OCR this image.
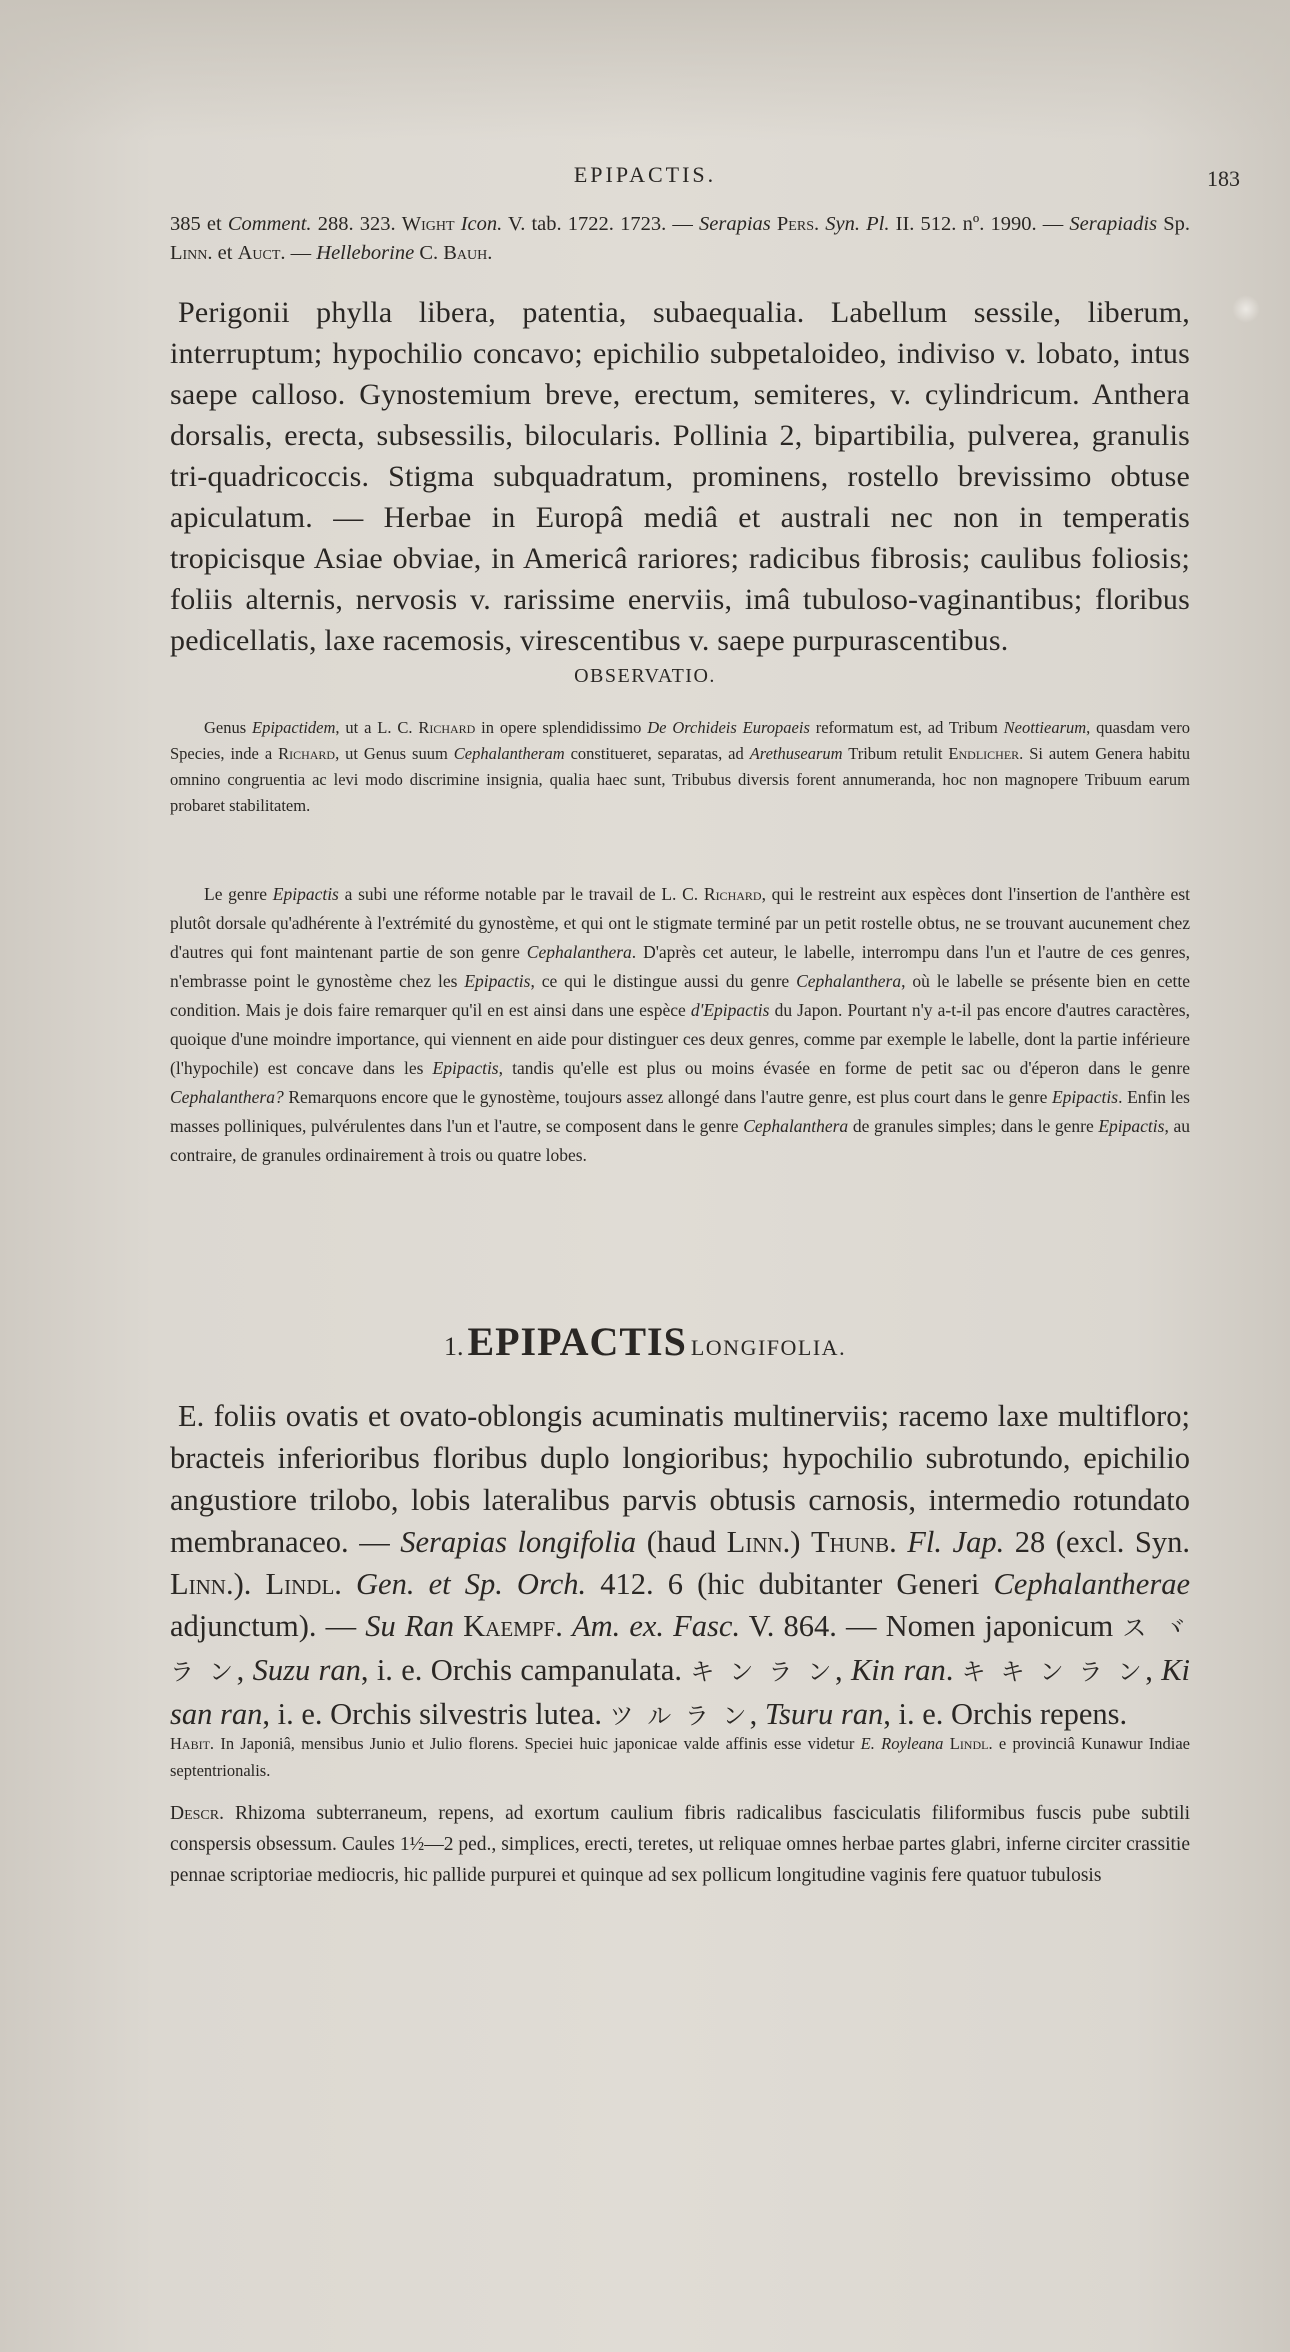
EPIPACTIS.	183
385 et Comment. 288. 323. Wight Icon. V. tab. 1722. 1723. — Serapias Pers. Syn. Pl. II. 512. nº. 1990. — Serapiadis Sp. Linn. et Auct. — Helleborine C. Bauh.
Perigonii phylla libera, patentia, subaequalia. Labellum sessile, liberum, interruptum; hypochilio concavo; epichilio subpetaloideo, indiviso v. lobato, intus saepe calloso. Gynostemium breve, erectum, semiteres, v. cylindricum. Anthera dorsalis, erecta, subsessilis, bilocularis. Pollinia 2, bipartibilia, pulverea, granulis tri-quadricoccis. Stigma subquadratum, prominens, rostello brevissimo obtuse apiculatum. — Herbae in Europâ mediâ et australi nec non in temperatis tropicisque Asiae obviae, in Americâ rariores; radicibus fibrosis; caulibus foliosis; foliis alternis, nervosis v. rarissime enerviis, imâ tubuloso-vaginantibus; floribus pedicellatis, laxe racemosis, virescentibus v. saepe purpurascentibus.
OBSERVATIO.
Genus Epipactidem, ut a L. C. Richard in opere splendidissimo De Orchideis Europaeis reformatum est, ad Tribum Neottiearum, quasdam vero Species, inde a Richard, ut Genus suum Cephalantheram constitueret, separatas, ad Arethusearum Tribum retulit Endlicher. Si autem Genera habitu omnino congruentia ac levi modo discrimine insignia, qualia haec sunt, Tribubus diversis forent annumeranda, hoc non magnopere Tribuum earum probaret stabilitatem.
Le genre Epipactis a subi une réforme notable par le travail de L. C. Richard, qui le restreint aux espèces dont l'insertion de l'anthère est plutôt dorsale qu'adhérente à l'extrémité du gynostème, et qui ont le stigmate terminé par un petit rostelle obtus, ne se trouvant aucunement chez d'autres qui font maintenant partie de son genre Cephalanthera. D'après cet auteur, le labelle, interrompu dans l'un et l'autre de ces genres, n'embrasse point le gynostème chez les Epipactis, ce qui le distingue aussi du genre Cephalanthera, où le labelle se présente bien en cette condition. Mais je dois faire remarquer qu'il en est ainsi dans une espèce d'Epipactis du Japon. Pourtant n'y a-t-il pas encore d'autres caractères, quoique d'une moindre importance, qui viennent en aide pour distinguer ces deux genres, comme par exemple le labelle, dont la partie inférieure (l'hypochile) est concave dans les Epipactis, tandis qu'elle est plus ou moins évasée en forme de petit sac ou d'éperon dans le genre Cephalanthera? Remarquons encore que le gynostème, toujours assez allongé dans l'autre genre, est plus court dans le genre Epipactis. Enfin les masses polliniques, pulvérulentes dans l'un et l'autre, se composent dans le genre Cephalanthera de granules simples; dans le genre Epipactis, au contraire, de granules ordinairement à trois ou quatre lobes.
1. EPIPACTIS LONGIFOLIA.
E. foliis ovatis et ovato-oblongis acuminatis multinerviis; racemo laxe multifloro; bracteis inferioribus floribus duplo longioribus; hypochilio subrotundo, epichilio angustiore trilobo, lobis lateralibus parvis obtusis carnosis, intermedio rotundato membranaceo. — Serapias longifolia (haud Linn.) Thunb. Fl. Jap. 28 (excl. Syn. Linn.). Lindl. Gen. et Sp. Orch. 412. 6 (hic dubitanter Generi Cephalantherae adjunctum). — Su Ran Kaempf. Am. ex. Fasc. V. 864. — Nomen japonicum ス ヾ ラ ン, Suzu ran, i. e. Orchis campanulata. キ ン ラ ン, Kin ran. キ キ ン ラ ン, Ki san ran, i. e. Orchis silvestris lutea. ツ ル ラ ン, Tsuru ran, i. e. Orchis repens.
Habit. In Japoniâ, mensibus Junio et Julio florens. Speciei huic japonicae valde affinis esse videtur E. Royleana Lindl. e provinciâ Kunawur Indiae septentrionalis.
Descr. Rhizoma subterraneum, repens, ad exortum caulium fibris radicalibus fasciculatis filiformibus fuscis pube subtili conspersis obsessum. Caules 1½—2 ped., simplices, erecti, teretes, ut reliquae omnes herbae partes glabri, inferne circiter crassitie pennae scriptoriae mediocris, hic pallide purpurei et quinque ad sex pollicum longitudine vaginis fere quatuor tubulosis
